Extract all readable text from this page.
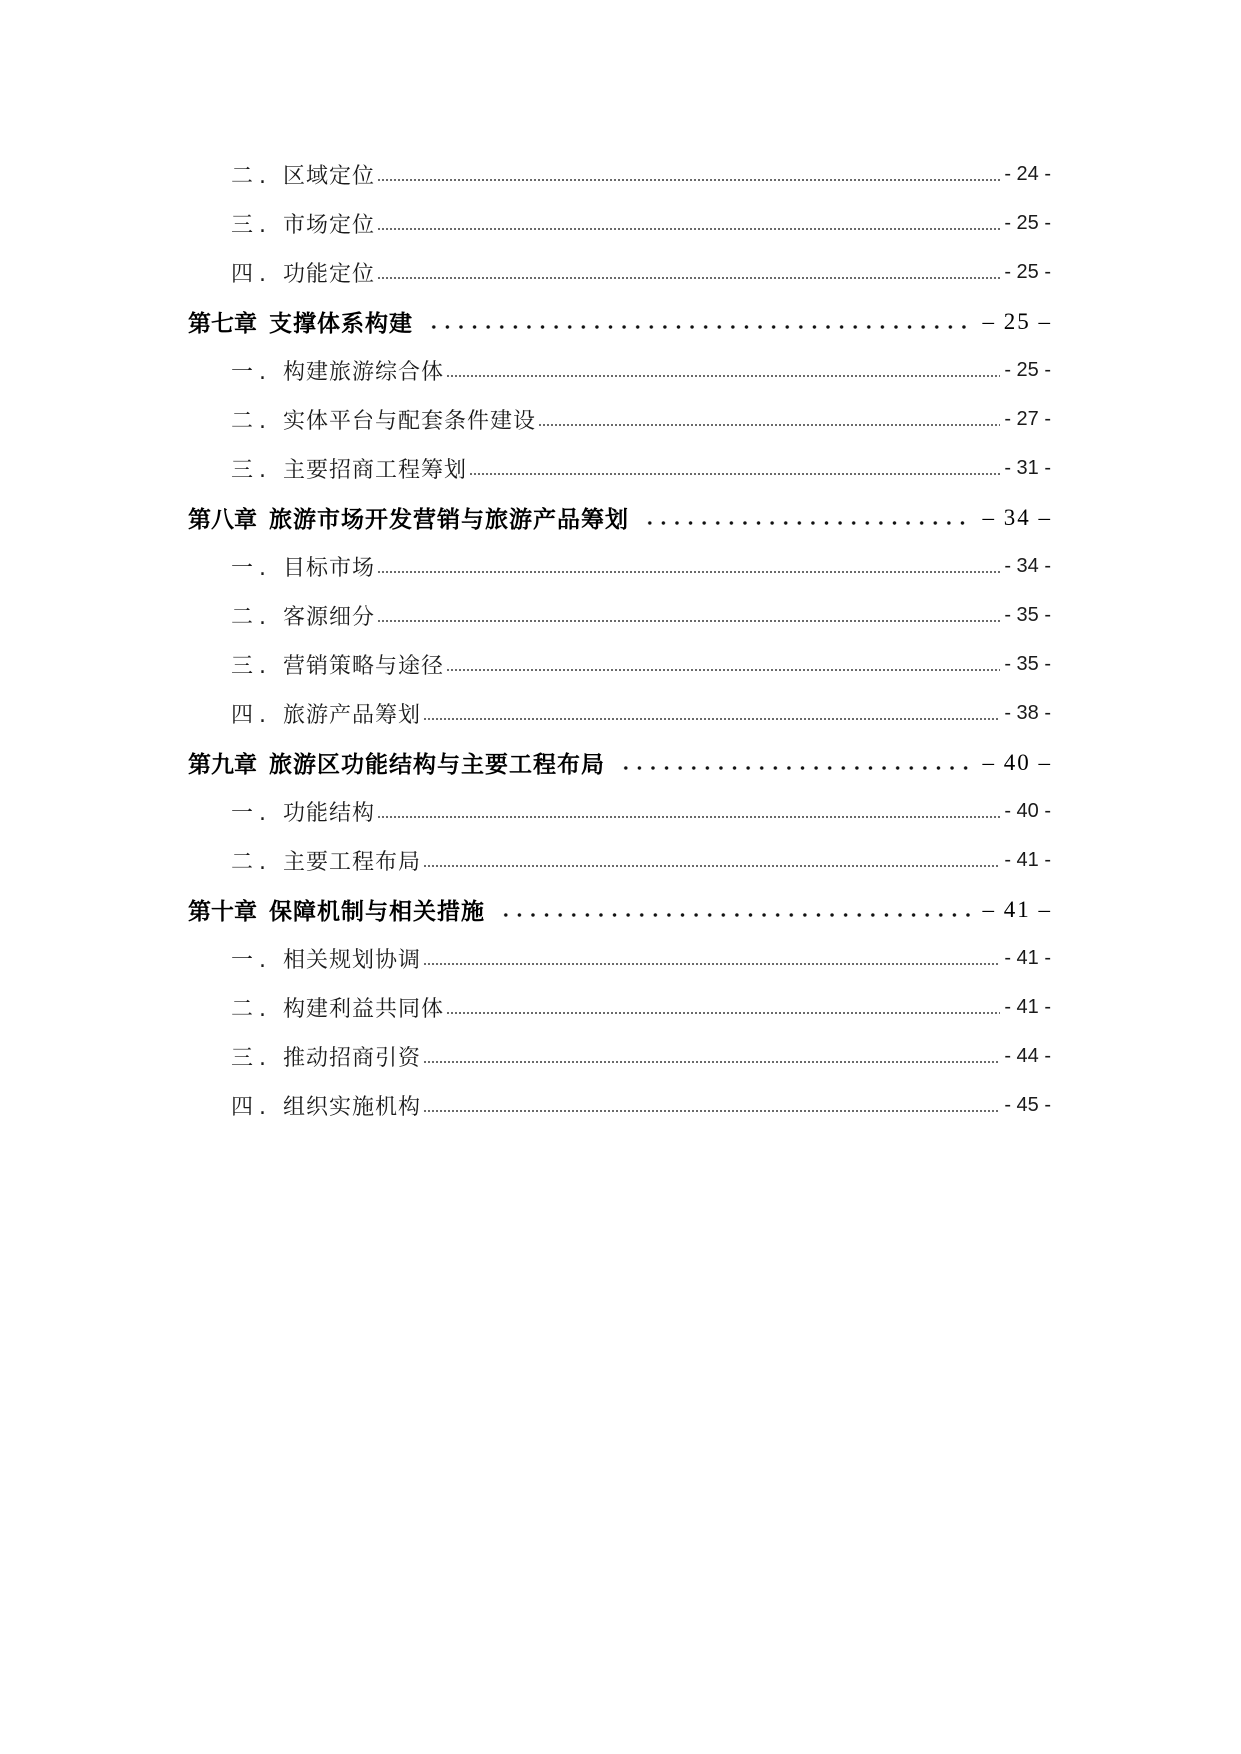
二. 区域定位	- 24 -
三. 市场定位	- 25 -
四. 功能定位	- 25 -
第七章 支撑体系构建	– 25 –
一. 构建旅游综合体	- 25 -
二. 实体平台与配套条件建设	- 27 -
三. 主要招商工程筹划	- 31 -
第八章 旅游市场开发营销与旅游产品筹划	– 34 –
一. 目标市场	- 34 -
二. 客源细分	- 35 -
三. 营销策略与途径	- 35 -
四. 旅游产品筹划	- 38 -
第九章 旅游区功能结构与主要工程布局	– 40 –
一. 功能结构	- 40 -
二. 主要工程布局	- 41 -
第十章 保障机制与相关措施	– 41 –
一. 相关规划协调	- 41 -
二. 构建利益共同体	- 41 -
三. 推动招商引资	- 44 -
四. 组织实施机构	- 45 -
